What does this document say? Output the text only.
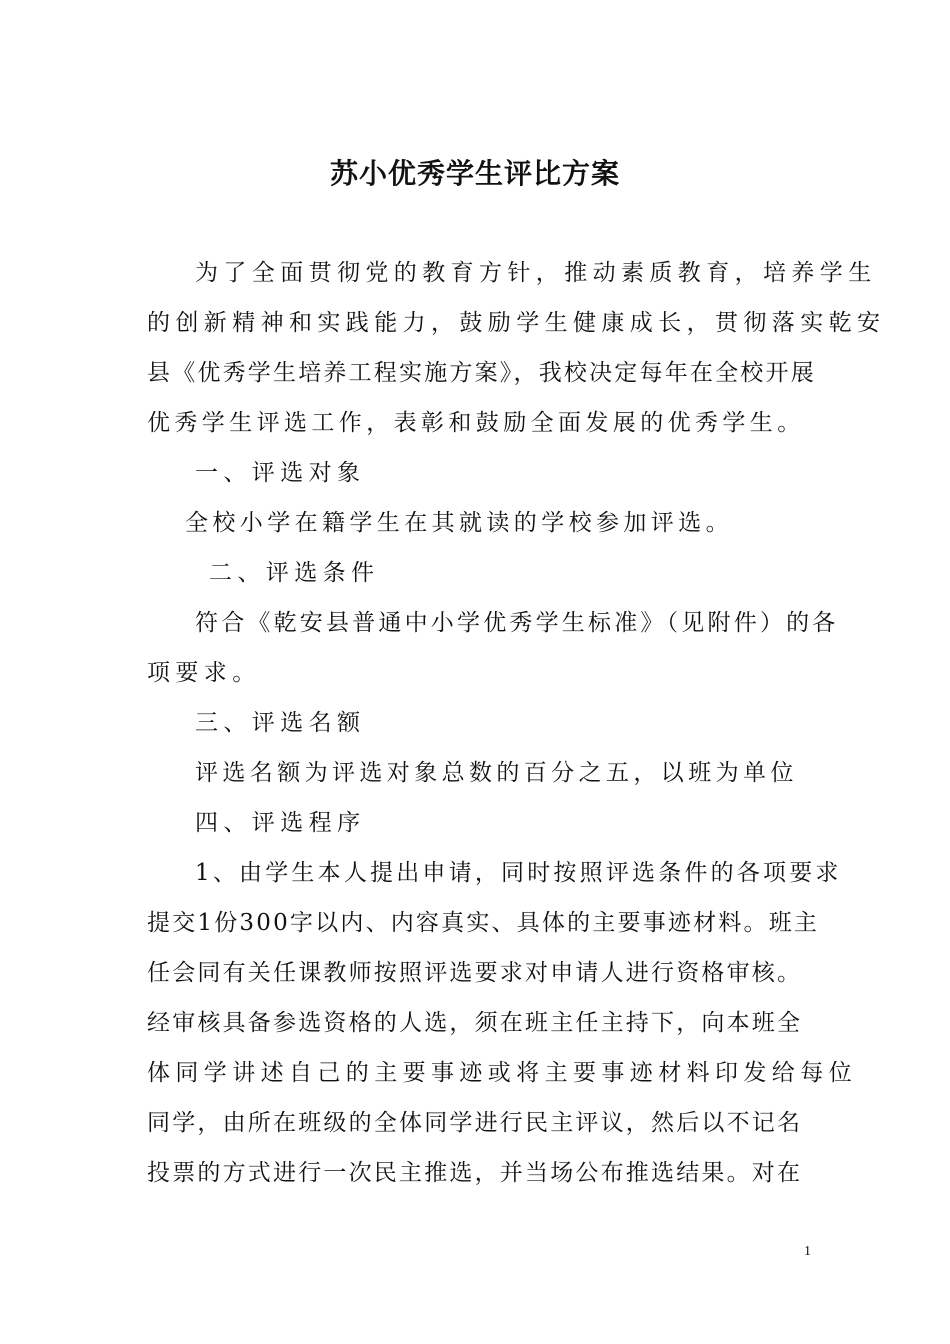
苏小优秀学生评比方案
为了全面贯彻党的教育方针，推动素质教育，培养学生
的创新精神和实践能力，鼓励学生健康成长，贯彻落实乾安
县《优秀学生培养工程实施方案》，我校决定每年在全校开展
优秀学生评选工作，表彰和鼓励全面发展的优秀学生。
一、评选对象
全校小学在籍学生在其就读的学校参加评选。
二、评选条件
符合《乾安县普通中小学优秀学生标准》（见附件）的各
项要求。
三、评选名额
评选名额为评选对象总数的百分之五，以班为单位
四、评选程序
1、由学生本人提出申请，同时按照评选条件的各项要求
提交1份300字以内、内容真实、具体的主要事迹材料。班主
任会同有关任课教师按照评选要求对申请人进行资格审核。
经审核具备参选资格的人选，须在班主任主持下，向本班全
体同学讲述自己的主要事迹或将主要事迹材料印发给每位
同学，由所在班级的全体同学进行民主评议，然后以不记名
投票的方式进行一次民主推选，并当场公布推选结果。对在
1
